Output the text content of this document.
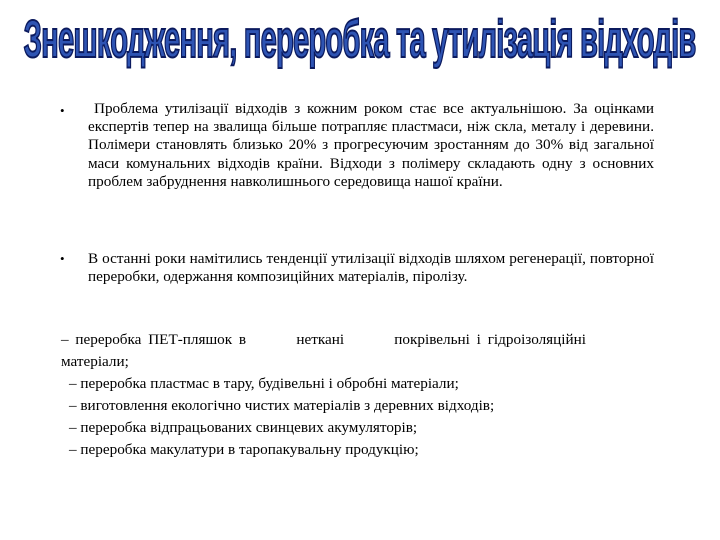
Знешкодження, переробка та утилізація відходів
•	Проблема утилізації відходів з кожним роком стає все актуальнішою. За оцінками експертів тепер на звалища більше потрапляє пластмаси, ніж скла, металу і деревини. Полімери становлять близько 20% з прогресуючим зростанням до 30% від загальної маси комунальних відходів країни. Відходи з полімеру складають одну з основних проблем забруднення навколишнього середовища нашої країни.
• В останні роки намітились тенденції утилізації відходів шляхом регенерації, повторної переробки, одержання композиційних матеріалів, піролізу.
– переробка ПЕТ-пляшок в	неткані	покрівельні і гідроізоляційні
матеріали;
– переробка пластмас в тару, будівельні і обробні матеріали;
– виготовлення екологічно чистих матеріалів з деревних відходів;
– переробка відпрацьованих свинцевих акумуляторів;
– переробка макулатури в таропакувальну продукцію;
